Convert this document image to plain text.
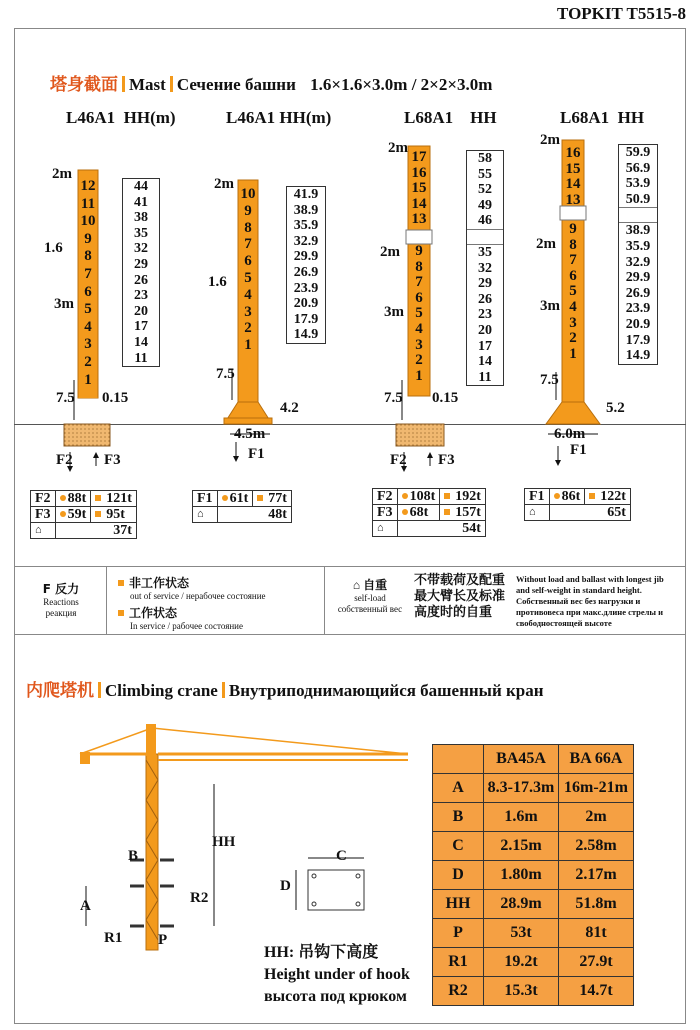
TOPKIT T5515-8
塔身截面 Mast Сечение башни 1.6×1.6×3.0m / 2×2×3.0m
L46A1 HH(m)	L46A1 HH(m)	L68A1 HH	L68A1 HH
12
11
10
9
8
7
6
5
4
3
2
1
44
41
38
35
32
29
26
23
20
17
14
11
2m
1.6
3m
7.5 0.15
F2 F3
10
9
8
7
6
5
4
3
2
1
41.9
38.9
35.9
32.9
29.9
26.9
23.9
20.9
17.9
14.9
2m
1.6
7.5
4.2
4.5m
F1
17
16
15
14
13
9
8
7
6
5
4
3
2
1
58
55
52
49
46
35
32
29
26
23
20
17
14
11
2m
2m
3m
7.5 0.15
F2 F3
16
15
14
13
9
8
7
6
5
4
3
2
1
59.9
56.9
53.9
50.9
38.9
35.9
32.9
29.9
26.9
23.9
20.9
17.9
14.9
2m
2m
3m
7.5
5.2
6.0m
F1
F2	88t	121t
F3	59t	95t
⌂	37t	
F1	61t	77t
⌂	48t	
F2	108t	192t
F3	68t	157t
⌂	54t	
F1	86t	122t
⌂	65t	
F 反力
Reactions
реакция
非工作状态
out of service / нерабочее состояние
工作状态
In service / рабочее состояние
⌂ 自重
self-load
собственный вес
不带载荷及配重
最大臂长及标准
高度时的自重
Without load and ballast with longest jib
and self-weight in standard height.
Собственный вес без нагрузки и
противовеса при макс.длине стрелы и
свободностоящей высоте
内爬塔机 Climbing crane Внутриподнимающийся башенный кран
HH
B
R2
A
R1 P
C
D
HH: 吊钩下高度
Height under of hook
высота под крюком
	BA45A	BA 66A
A	8.3-17.3m	16m-21m
B	1.6m	2m
C	2.15m	2.58m
D	1.80m	2.17m
HH	28.9m	51.8m
P	53t	81t
R1	19.2t	27.9t
R2	15.3t	14.7t
